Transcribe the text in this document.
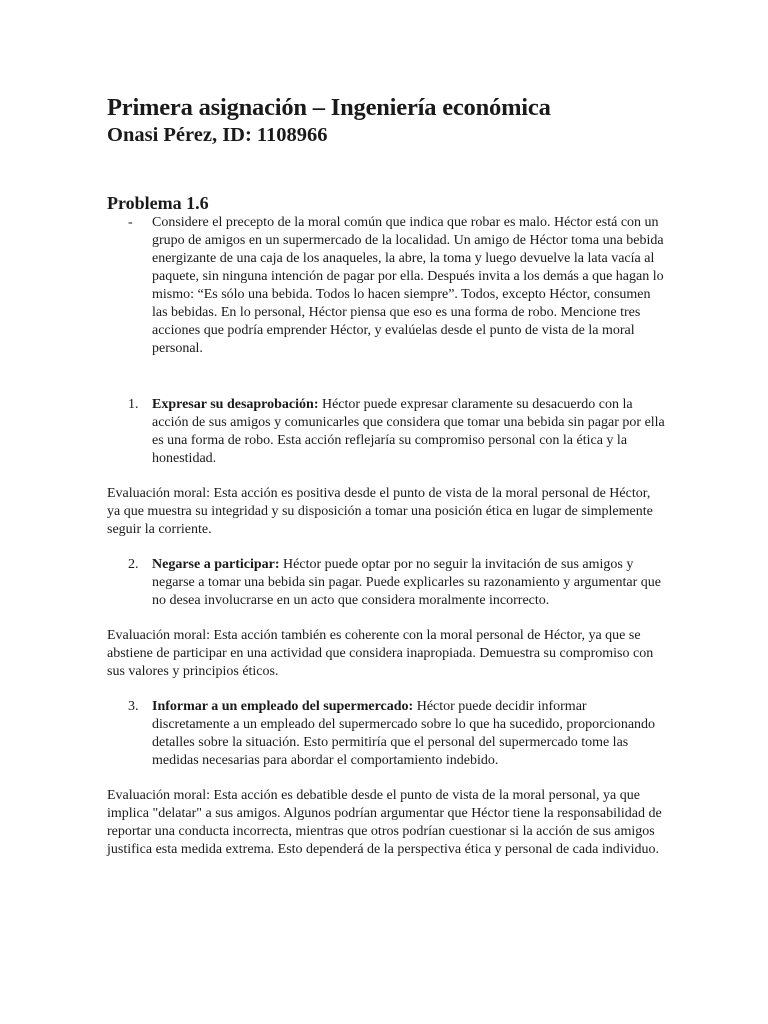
Primera asignación – Ingeniería económica
Onasi Pérez, ID: 1108966
Problema 1.6
- Considere el precepto de la moral común que indica que robar es malo. Héctor está con un grupo de amigos en un supermercado de la localidad. Un amigo de Héctor toma una bebida energizante de una caja de los anaqueles, la abre, la toma y luego devuelve la lata vacía al paquete, sin ninguna intención de pagar por ella. Después invita a los demás a que hagan lo mismo: “Es sólo una bebida. Todos lo hacen siempre”. Todos, excepto Héctor, consumen las bebidas. En lo personal, Héctor piensa que eso es una forma de robo. Mencione tres acciones que podría emprender Héctor, y evalúelas desde el punto de vista de la moral personal.

1. Expresar su desaprobación: Héctor puede expresar claramente su desacuerdo con la acción de sus amigos y comunicarles que considera que tomar una bebida sin pagar por ella es una forma de robo. Esta acción reflejaría su compromiso personal con la ética y la honestidad.

Evaluación moral: Esta acción es positiva desde el punto de vista de la moral personal de Héctor, ya que muestra su integridad y su disposición a tomar una posición ética en lugar de simplemente seguir la corriente.

2. Negarse a participar: Héctor puede optar por no seguir la invitación de sus amigos y negarse a tomar una bebida sin pagar. Puede explicarles su razonamiento y argumentar que no desea involucrarse en un acto que considera moralmente incorrecto.

Evaluación moral: Esta acción también es coherente con la moral personal de Héctor, ya que se abstiene de participar en una actividad que considera inapropiada. Demuestra su compromiso con sus valores y principios éticos.

3. Informar a un empleado del supermercado: Héctor puede decidir informar discretamente a un empleado del supermercado sobre lo que ha sucedido, proporcionando detalles sobre la situación. Esto permitiría que el personal del supermercado tome las medidas necesarias para abordar el comportamiento indebido.

Evaluación moral: Esta acción es debatible desde el punto de vista de la moral personal, ya que implica "delatar" a sus amigos. Algunos podrían argumentar que Héctor tiene la responsabilidad de reportar una conducta incorrecta, mientras que otros podrían cuestionar si la acción de sus amigos justifica esta medida extrema. Esto dependerá de la perspectiva ética y personal de cada individuo.
